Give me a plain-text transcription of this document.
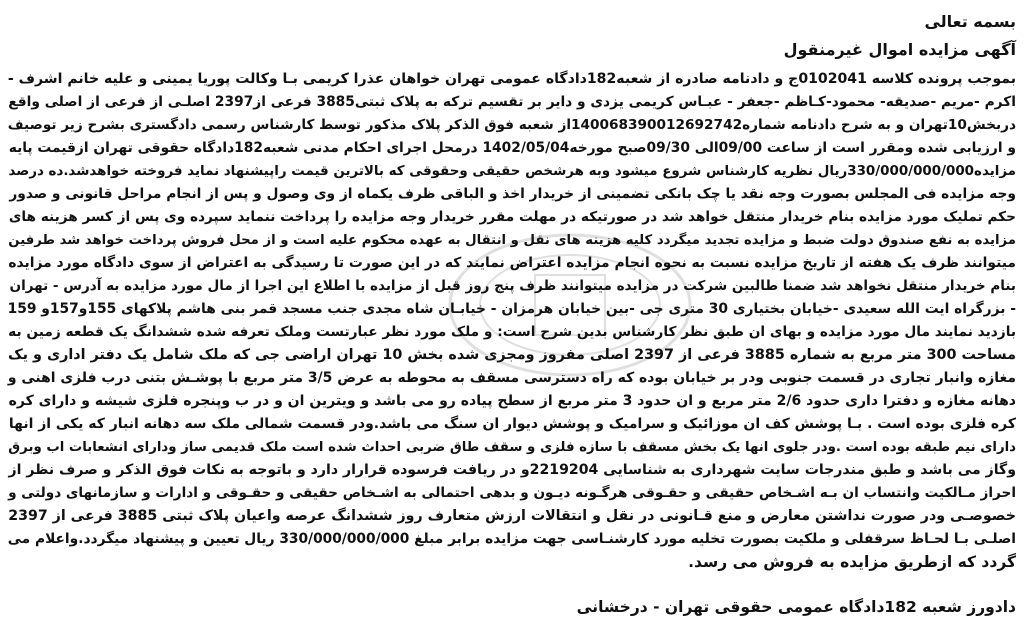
بسمه تعالی
آگهی مزایده اموال غیرمنقول
بموجب پرونده کلاسه 0102041ج و دادنامه صادره از شعبه182دادگاه عمومی تهران خواهان عذرا کریمی بـا وکالت پوریا یمینی و علیه خانم اشرف -
اکرم -مریم -صدیقه- محمود-کـاظم -جعفر - عبـاس کریمی یزدی و دایر بر تقسیم ترکه به پلاک ثبتی3885 فرعی از2397 اصلـی از فرعی از اصلی واقع
دربخش10تهران و به شرح دادنامه شماره140068390012692742از شعبه فوق الذکر پلاک مذکور توسط کارشناس رسمی دادگستری بشرح زیر توصیف
و ارزیابی شده ومقرر است از ساعت 09/00الی 09/30صبح مورخه1402/05/04 درمحل اجرای احکام مدنی شعبه182دادگاه حقوقی تهران ازقیمت پایه
مزایده330/000/000/000ریال نظریه کارشناس شروع میشود وبه هرشخص حقیقی وحقوقی که بالاترین قیمت راپیشنهاد نماید فروخته خواهدشد.ده درصد
وجه مزایده فی المجلس بصورت وجه نقد یا چک بانکی تضمینی از خریدار اخذ و الباقی ظرف یکماه از وی وصول و پس از انجام مراحل قانونی و صدور
حکم تملیک مورد مزایده بنام خریدار منتقل خواهد شد در صورتیکه در مهلت مقرر خریدار وجه مزایده را پرداخت ننماید سپرده وی پس از کسر هزینه های
مزایده به نفع صندوق دولت ضبط و مزایده تجدید میگردد کلیه هزینه های نقل و انتقال به عهده محکوم علیه است و از محل فروش پرداخت خواهد شد طرفین
میتوانند ظرف یک هفته از تاریخ مزایده نسبت به نحوه انجام مزایده اعتراض نمایند که در این صورت تا رسیدگی به اعتراض از سوی دادگاه مورد مزایده
بنام خریدار منتقل نخواهد شد ضمنا طالبین شرکت در مزایده میتوانند ظرف پنج روز قبل از مزایده با اطلاع این اجرا از مال مورد مزایده به آدرس - تهران
- بزرگراه ایت الله سعیدی -خیابان بختیاری 30 متری جی -بین خیابان هرمزان - خیابـان شاه مجدی جنب مسجد قمر بنی هاشم پلاکهای 155و157و 159
بازدید نمایند مال مورد مزایده و بهای ان طبق نظر کارشناس بدین شرح است: و ملک مورد نظر عبارتست وملک تعرفه شده ششدانگ یک قطعه زمین به
مساحت 300 متر مربع به شماره 3885 فرعی از 2397 اصلی مفروز ومجزی شده بخش 10 تهران اراضی جی که ملک شامل یک دفتر اداری و یک
مغازه وانبار تجاری در قسمت جنوبی ودر بر خیابان بوده که راه دسترسی مسقف به محوطه به عرض 3/5 متر مربع با پوشـش بتنی درب فلزی اهنی و
دهانه مغازه و دفترا داری حدود 2/6 متر مربع و ان حدود 3 متر مربع از سطح پیاده رو می باشد و ویترین ان و در ب وپنجره فلزی شیشه و دارای کره
کره فلزی بوده است . بـا پوشش کف ان موزائیک و سرامیک و پوشش دیوار ان سنگ می باشد.ودر قسمت شمالی ملک سه دهانه انبار که یکی از انها
دارای نیم طبقه بوده است .ودر جلوی انها یک بخش مسقف با سازه فلزی و سقف طاق ضربی احداث شده است ملک قدیمی ساز ودارای انشعابات اب وبرق
وگاز می باشد و طبق مندرجات سایت شهرداری به شناسایی 2219204و در ریافت فرسوده قرارار دارد و باتوجه به نکات فوق الذکر و صرف نظر از
احراز مـالکیت وانتساب ان بـه اشـخاص حقیقی و حقـوقی هرگـونه دیـون و بدهی احتمالی به اشـخاص حقیقی و حقـوقی و ادارات و سازمانهای دولتی و
خصوصـی ودر صورت نداشتن معارض و منع قـانونی در نقل و انتقالات ارزش متعارف روز ششدانگ عرصه واعیان پلاک ثبتی 3885 فرعی از 2397
اصلـی بـا لحـاظ سرقفلی و ملکیت بصورت تخلیه مورد کارشنـاسی جهت مزایده برابر مبلغ 330/000/000/000 ریال تعیین و پیشنهاد میگردد.واعلام می
گردد که ازطریق مزایده به فروش می رسد.
دادورز شعبه 182دادگاه عمومی حقوقی تهران - درخشانی
